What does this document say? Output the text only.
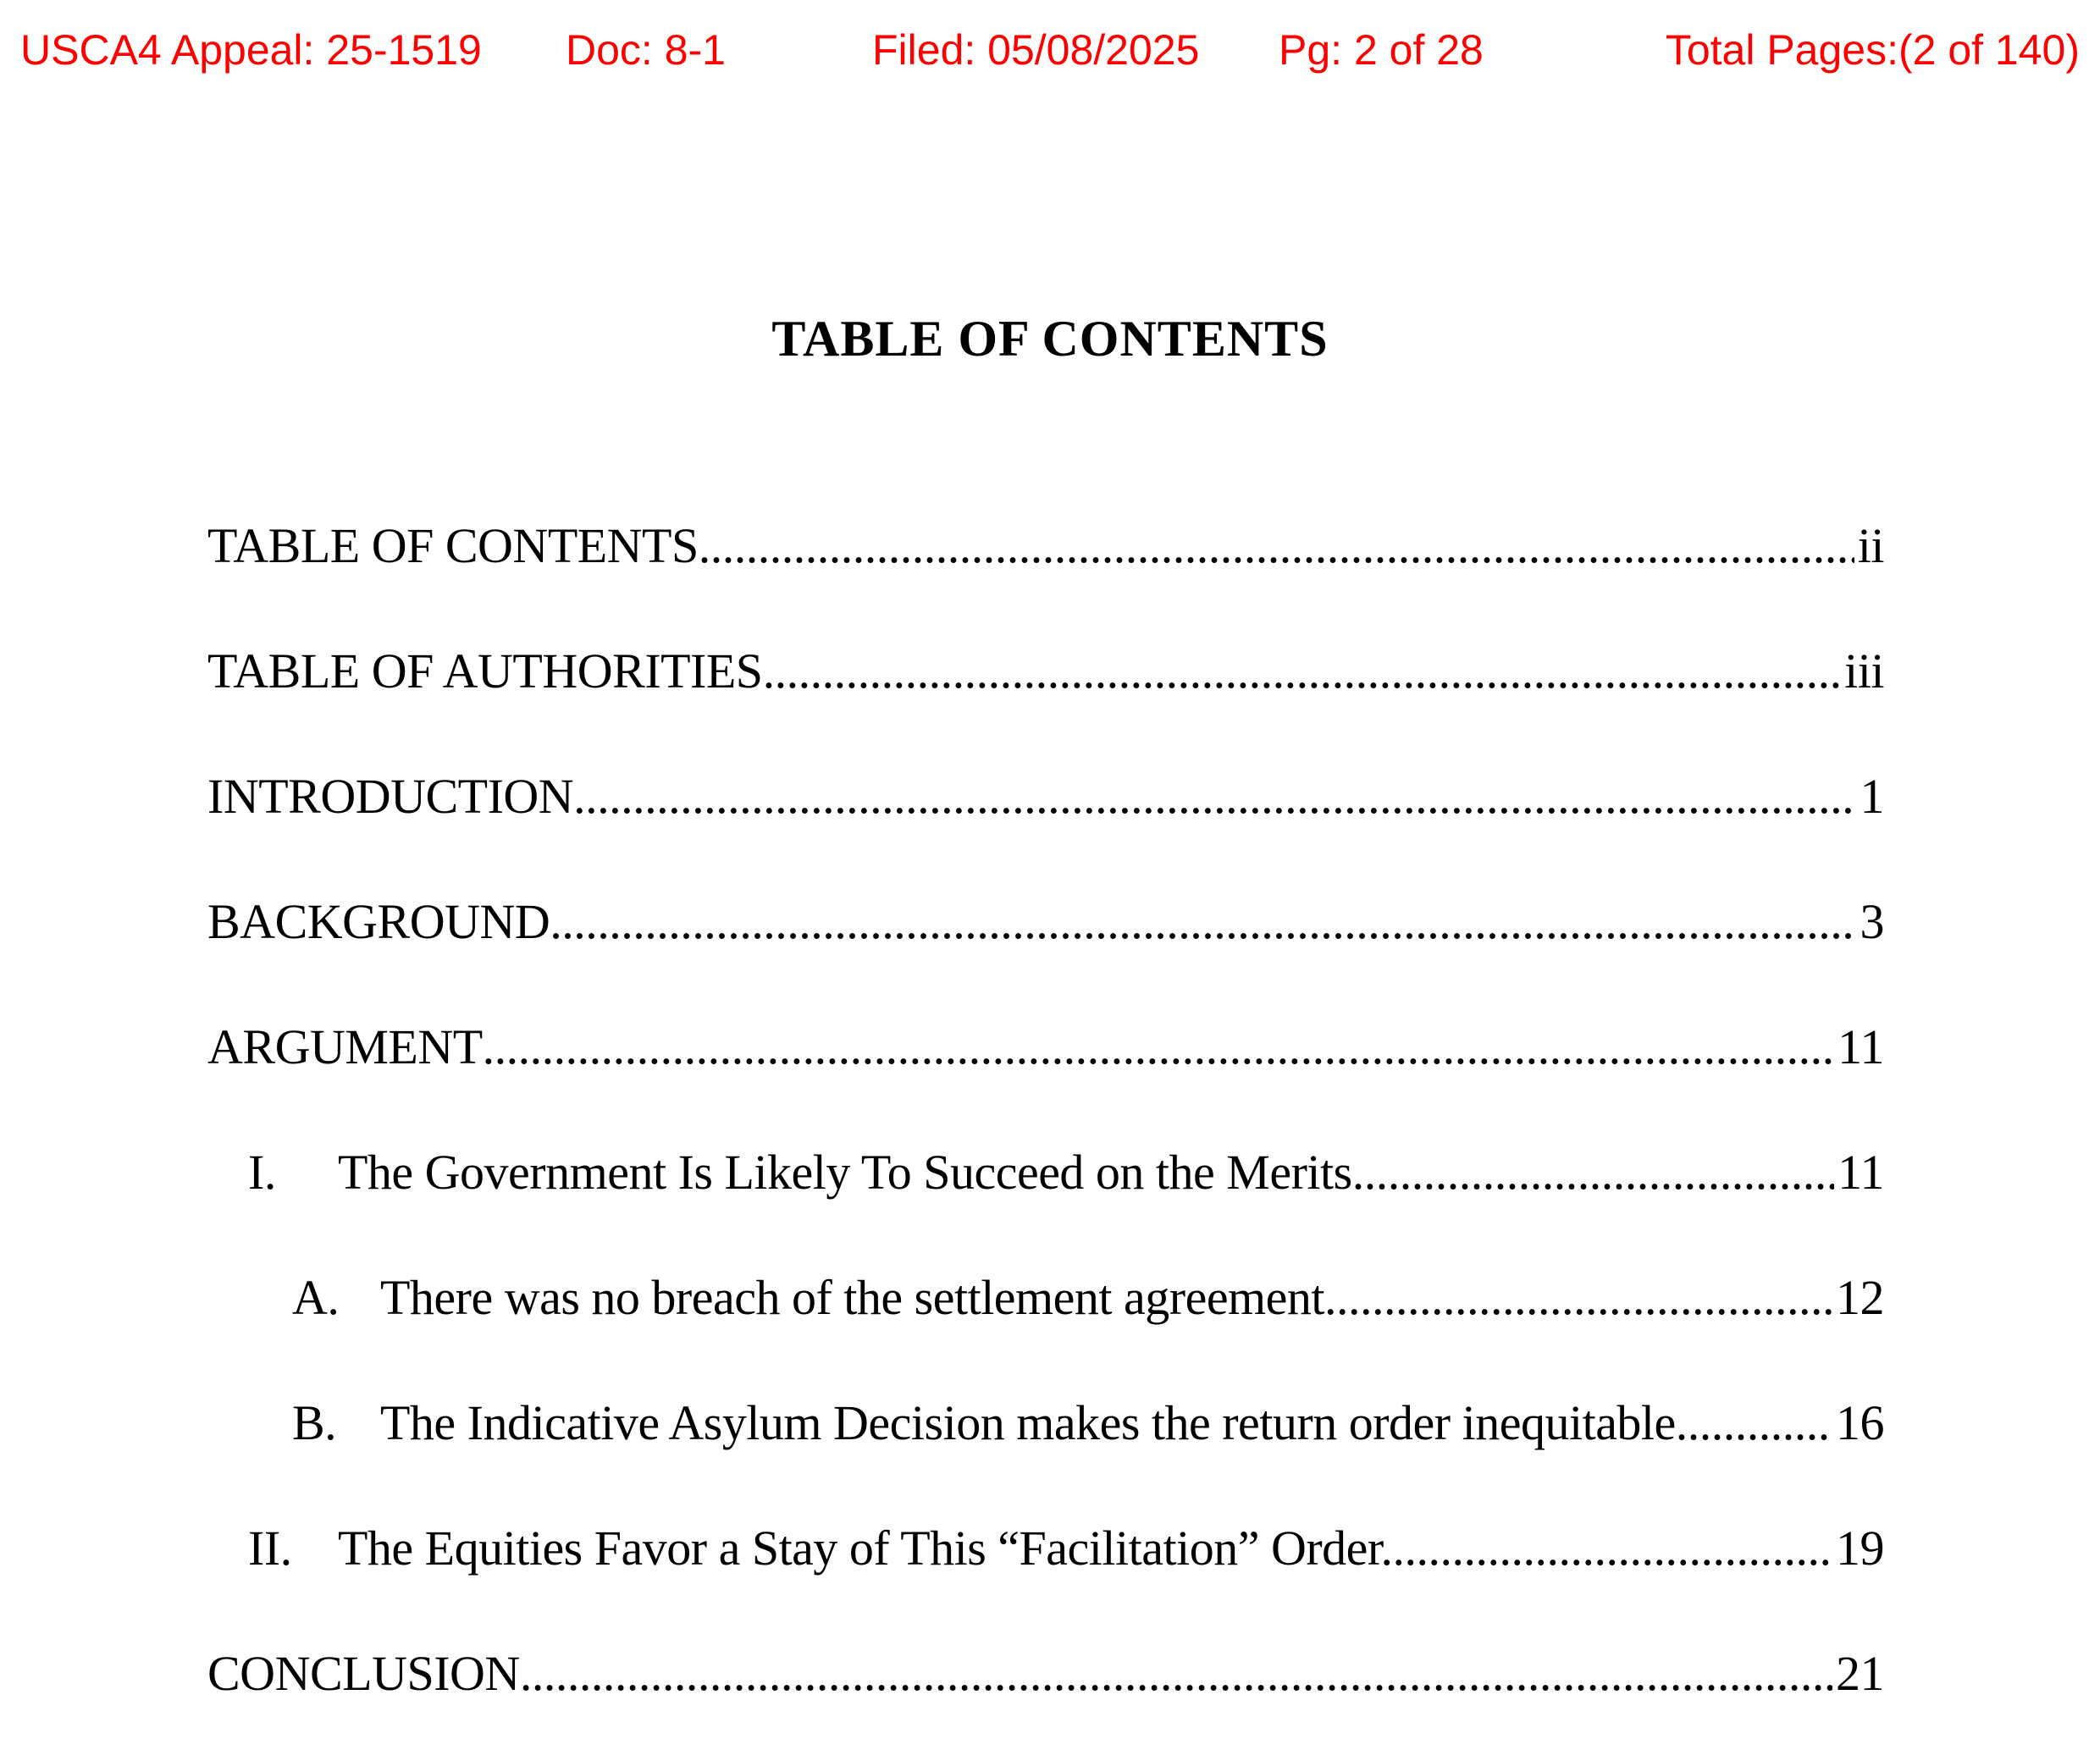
USCA4 Appeal: 25-1519 Doc: 8-1	Filed: 05/08/2025 Pg: 2 of 28	Total Pages:(2 of 140)
TABLE OF CONTENTS
TABLE OF CONTENTS .....	ii
TABLE OF AUTHORITIES .....	iii
INTRODUCTION .....	1
BACKGROUND .....	3
ARGUMENT .....	11
I.	The Government Is Likely To Succeed on the Merits .....	11
A. There was no breach of the settlement agreement. .....	12
B. The Indicative Asylum Decision makes the return order inequitable. .....	16
II. The Equities Favor a Stay of This “Facilitation” Order. .....	19
CONCLUSION .....	21
